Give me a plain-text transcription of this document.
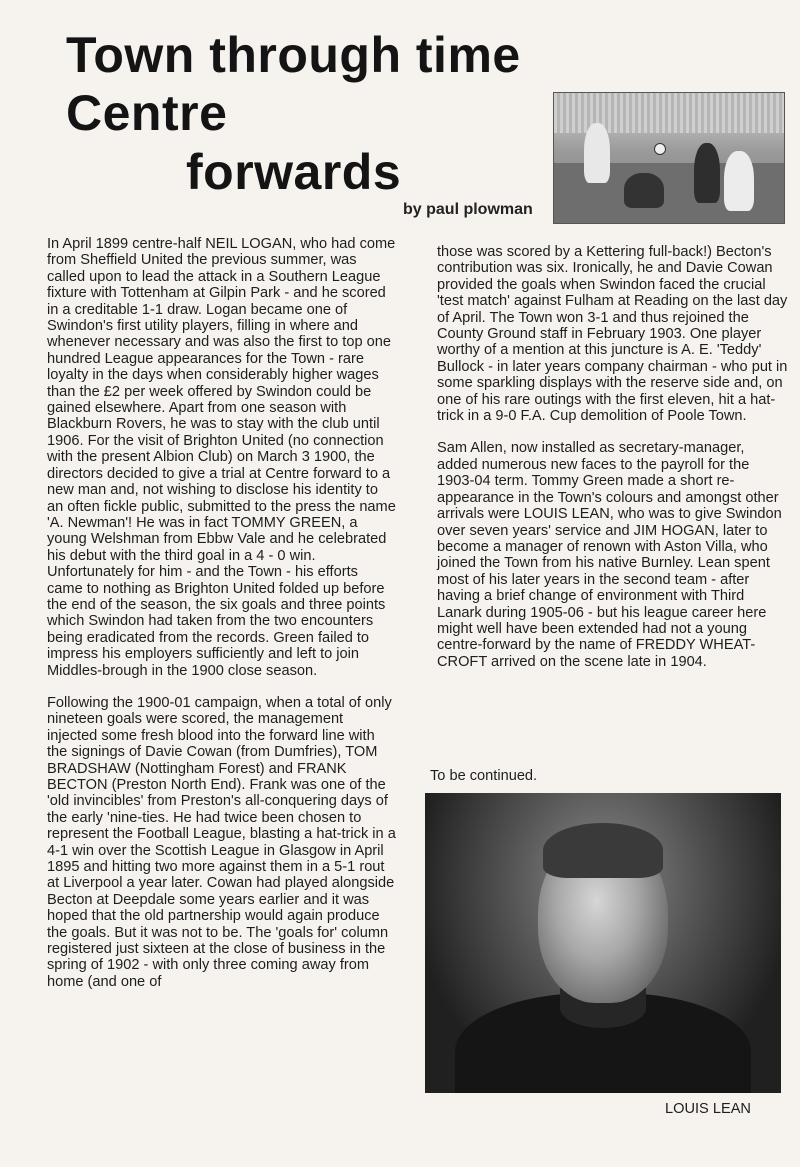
Town through time
Centre
forwards
by paul plowman

In April 1899 centre-half NEIL LOGAN, who had come from Sheffield United the previous summer, was called upon to lead the attack in a Southern League fixture with Tottenham at Gilpin Park - and he scored in a creditable 1-1 draw. Logan became one of Swindon's first utility players, filling in where and whenever necessary and was also the first to top one hundred League appearances for the Town - rare loyalty in the days when considerably higher wages than the £2 per week offered by Swindon could be gained elsewhere. Apart from one season with Blackburn Rovers, he was to stay with the club until 1906. For the visit of Brighton United (no connection with the present Albion Club) on March 3 1900, the directors decided to give a trial at Centre forward to a new man and, not wishing to disclose his identity to an often fickle public, submitted to the press the name 'A. Newman'! He was in fact TOMMY GREEN, a young Welshman from Ebbw Vale and he celebrated his debut with the third goal in a 4 - 0 win. Unfortunately for him - and the Town - his efforts came to nothing as Brighton United folded up before the end of the season, the six goals and three points which Swindon had taken from the two encounters being eradicated from the records. Green failed to impress his employers sufficiently and left to join Middles-brough in the 1900 close season.

Following the 1900-01 campaign, when a total of only nineteen goals were scored, the management injected some fresh blood into the forward line with the signings of Davie Cowan (from Dumfries), TOM BRADSHAW (Nottingham Forest) and FRANK BECTON (Preston North End). Frank was one of the 'old invincibles' from Preston's all-conquering days of the early 'nine-ties. He had twice been chosen to represent the Football League, blasting a hat-trick in a 4-1 win over the Scottish League in Glasgow in April 1895 and hitting two more against them in a 5-1 rout at Liverpool a year later. Cowan had played alongside Becton at Deepdale some years earlier and it was hoped that the old partnership would again produce the goals. But it was not to be. The 'goals for' column registered just sixteen at the close of business in the spring of 1902 - with only three coming away from home (and one of

those was scored by a Kettering full-back!) Becton's contribution was six. Ironically, he and Davie Cowan provided the goals when Swindon faced the crucial 'test match' against Fulham at Reading on the last day of April. The Town won 3-1 and thus rejoined the County Ground staff in February 1903. One player worthy of a mention at this juncture is A. E. 'Teddy' Bullock - in later years company chairman - who put in some sparkling displays with the reserve side and, on one of his rare outings with the first eleven, hit a hat-trick in a 9-0 F.A. Cup demolition of Poole Town.

Sam Allen, now installed as secretary-manager, added numerous new faces to the payroll for the 1903-04 term. Tommy Green made a short re-appearance in the Town's colours and amongst other arrivals were LOUIS LEAN, who was to give Swindon over seven years' service and JIM HOGAN, later to become a manager of renown with Aston Villa, who joined the Town from his native Burnley. Lean spent most of his later years in the second team - after having a brief change of environment with Third Lanark during 1905-06 - but his league career here might well have been extended had not a young centre-forward by the name of FREDDY WHEAT-CROFT arrived on the scene late in 1904.

To be continued.
LOUIS LEAN
